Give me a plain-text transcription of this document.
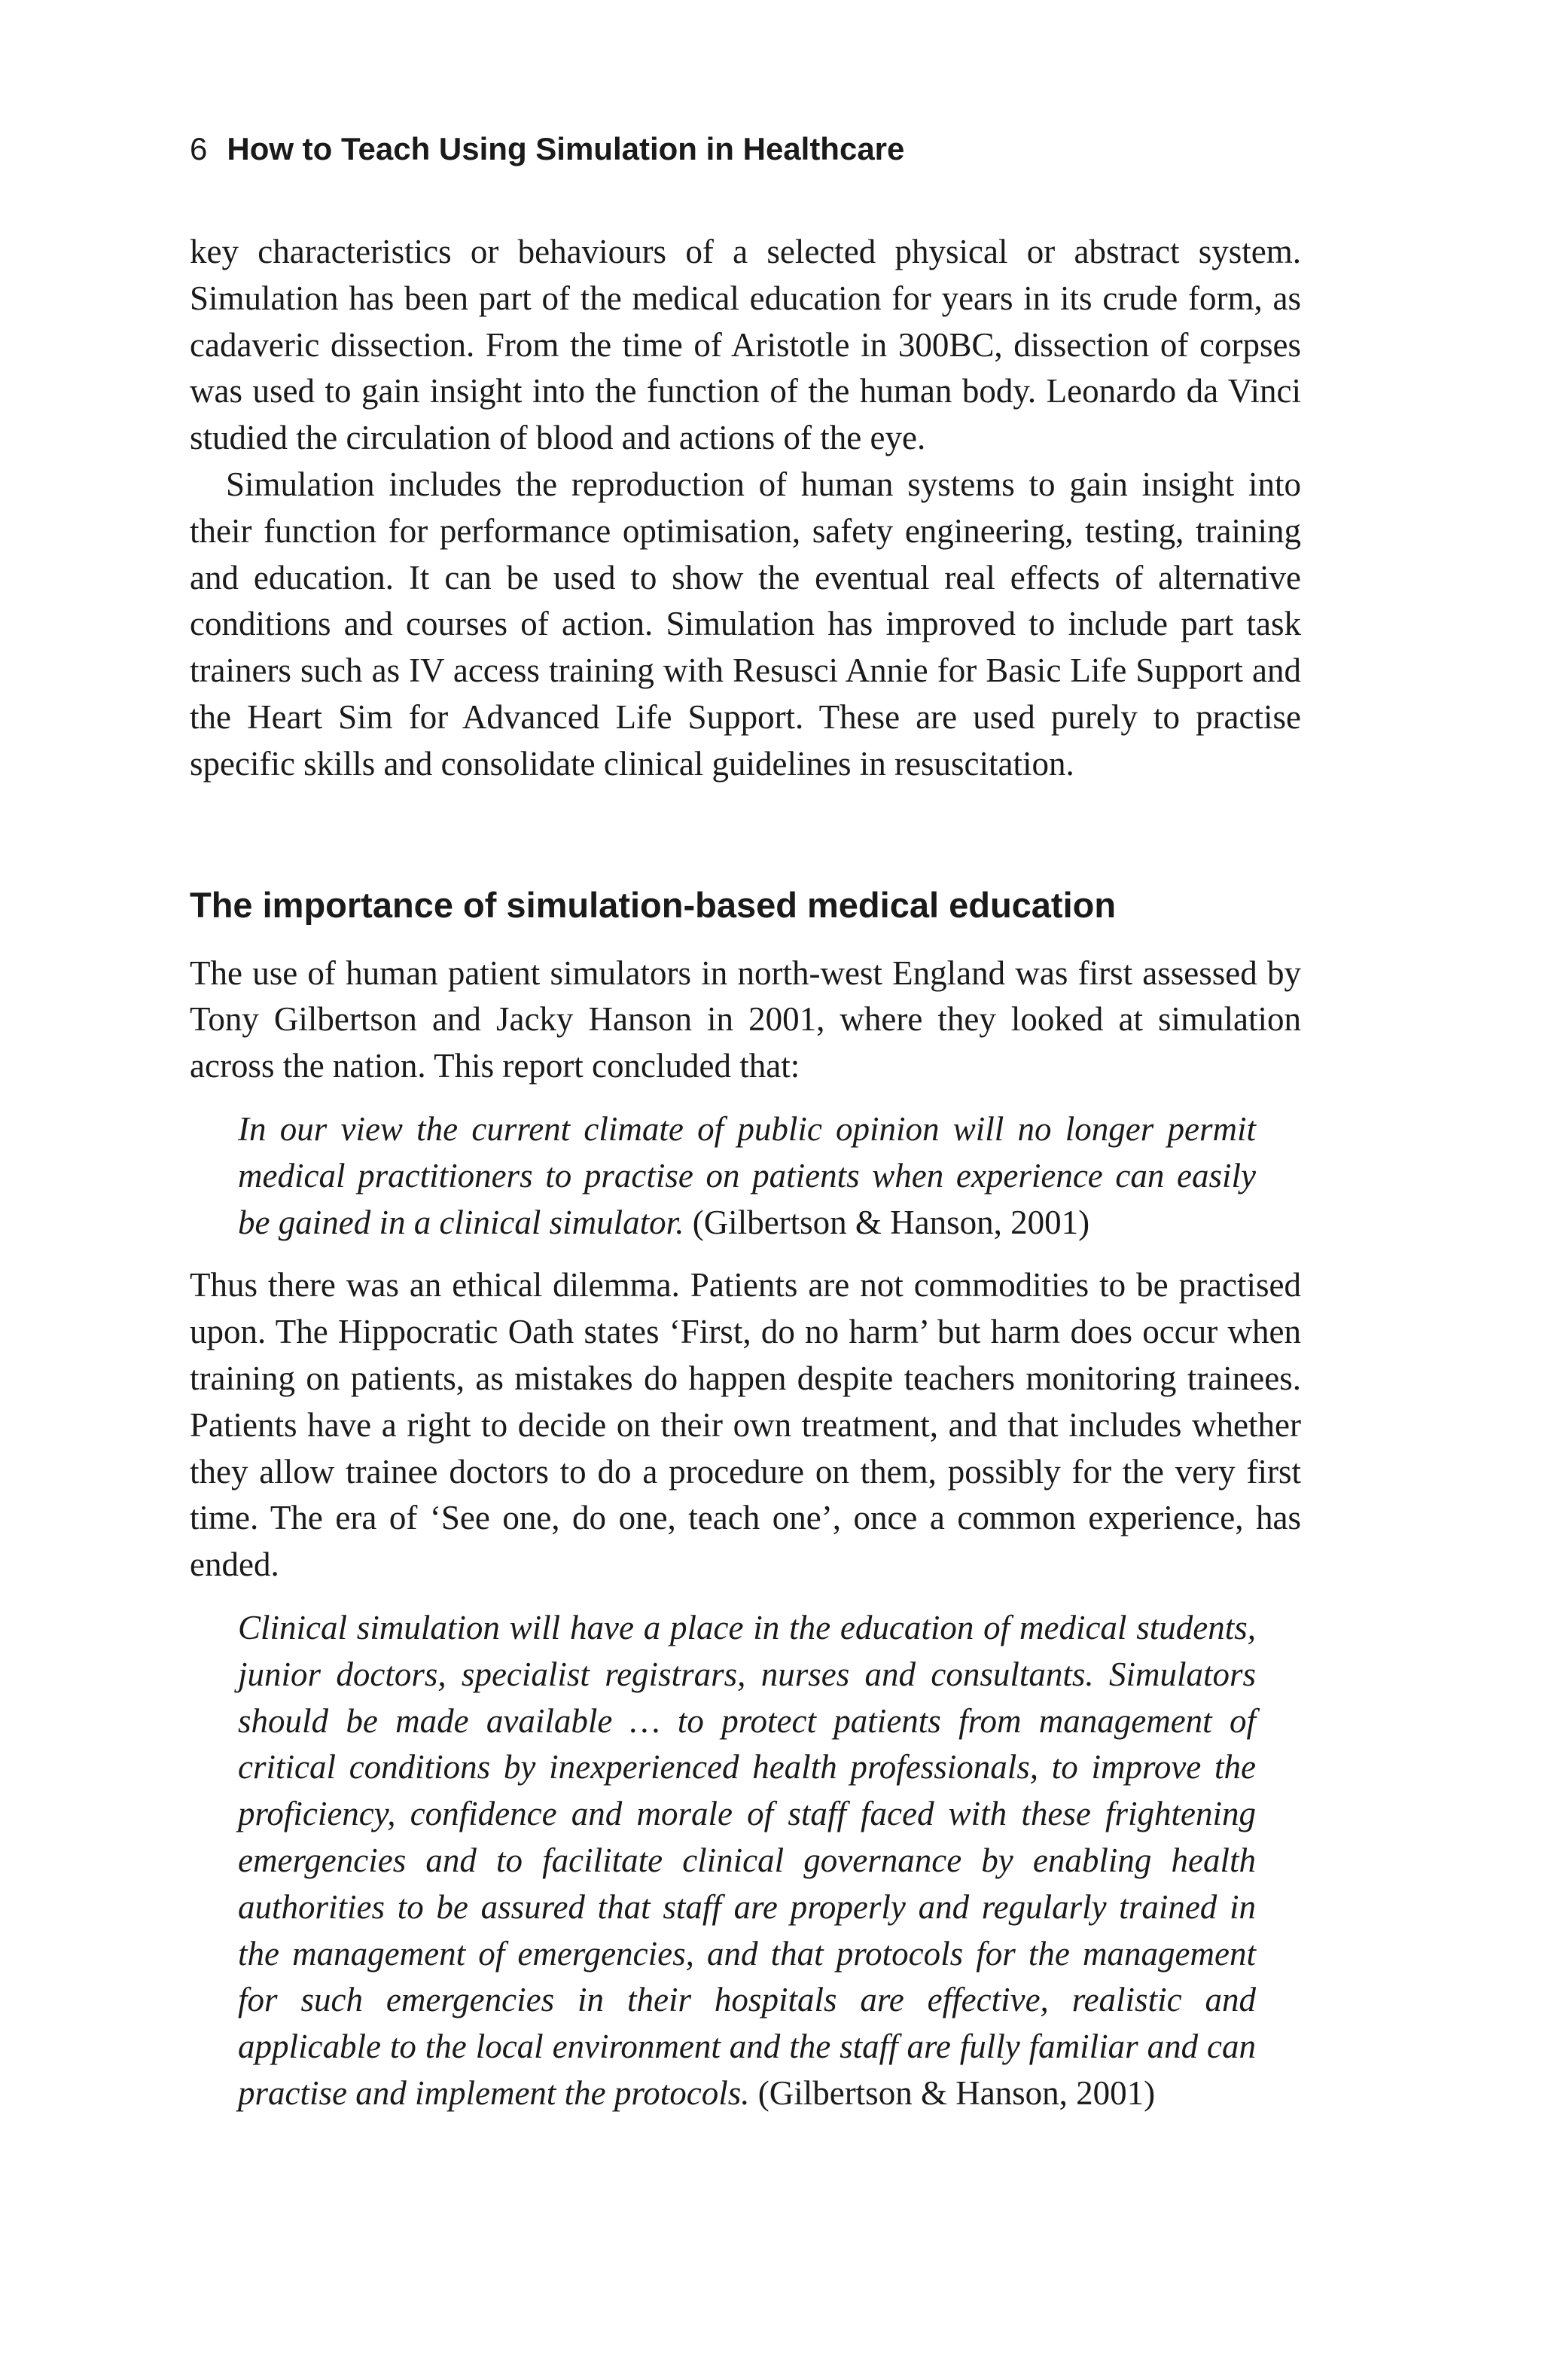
6 How to Teach Using Simulation in Healthcare

key characteristics or behaviours of a selected physical or abstract system. Simulation has been part of the medical education for years in its crude form, as cadaveric dissection. From the time of Aristotle in 300BC, dissection of corpses was used to gain insight into the function of the human body. Leonardo da Vinci studied the circulation of blood and actions of the eye.

Simulation includes the reproduction of human systems to gain insight into their function for performance optimisation, safety engineering, testing, training and education. It can be used to show the eventual real effects of alternative conditions and courses of action. Simulation has improved to include part task trainers such as IV access training with Resusci Annie for Basic Life Support and the Heart Sim for Advanced Life Support. These are used purely to practise specific skills and consolidate clinical guidelines in resuscitation.

The importance of simulation-based medical education

The use of human patient simulators in north-west England was first assessed by Tony Gilbertson and Jacky Hanson in 2001, where they looked at simulation across the nation. This report concluded that:

In our view the current climate of public opinion will no longer permit medical practitioners to practise on patients when experience can easily be gained in a clinical simulator. (Gilbertson & Hanson, 2001)

Thus there was an ethical dilemma. Patients are not commodities to be practised upon. The Hippocratic Oath states ‘First, do no harm’ but harm does occur when training on patients, as mistakes do happen despite teachers monitoring trainees. Patients have a right to decide on their own treatment, and that includes whether they allow trainee doctors to do a procedure on them, possibly for the very first time. The era of ‘See one, do one, teach one’, once a common experience, has ended.

Clinical simulation will have a place in the education of medical students, junior doctors, specialist registrars, nurses and consultants. Simulators should be made available … to protect patients from management of critical conditions by inexperienced health professionals, to improve the proficiency, confidence and morale of staff faced with these frightening emergencies and to facilitate clinical governance by enabling health authorities to be assured that staff are properly and regularly trained in the management of emergencies, and that protocols for the management for such emergencies in their hospitals are effective, realistic and applicable to the local environment and the staff are fully familiar and can practise and implement the protocols. (Gilbertson & Hanson, 2001)
